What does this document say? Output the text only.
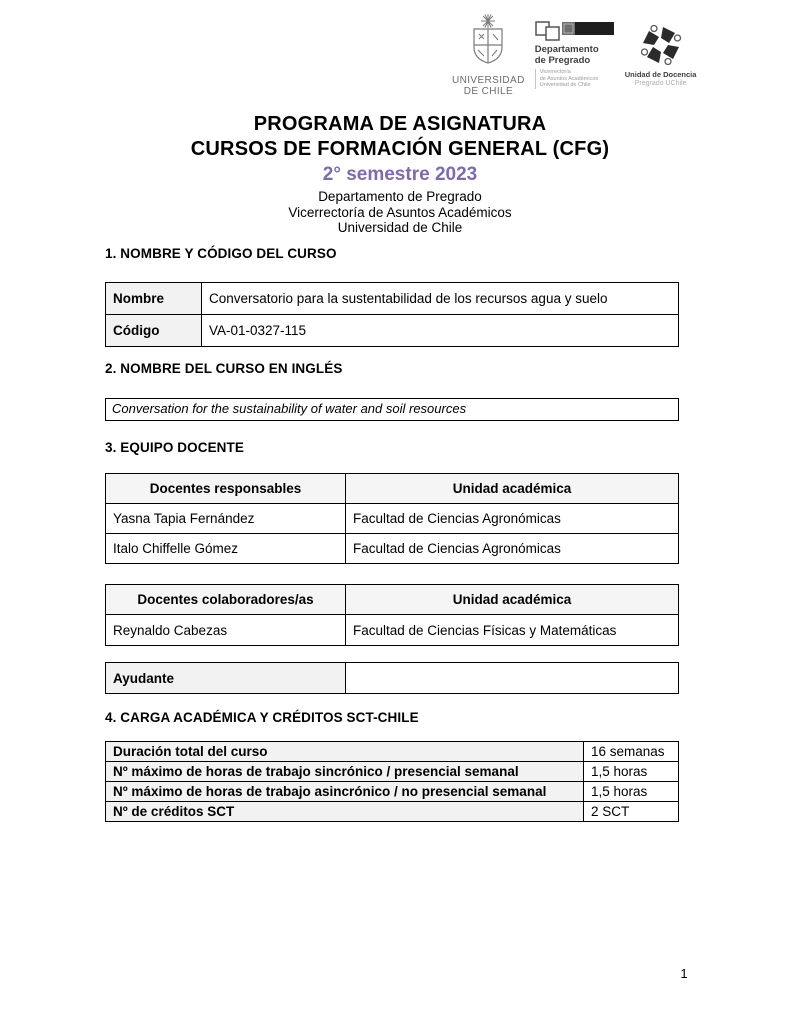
UNIVERSIDAD
DE CHILE
Departamento
de Pregrado
Vicerrectoría
de Asuntos Académicos
Universidad de Chile
Unidad de Docencia
Pregrado UChile
PROGRAMA DE ASIGNATURA
CURSOS DE FORMACIÓN GENERAL (CFG)
2° semestre 2023
Departamento de Pregrado
Vicerrectoría de Asuntos Académicos
Universidad de Chile
1. NOMBRE Y CÓDIGO DEL CURSO
Nombre	Conversatorio para la sustentabilidad de los recursos agua y suelo
Código	VA-01-0327-115
2. NOMBRE DEL CURSO EN INGLÉS
Conversation for the sustainability of water and soil resources
3. EQUIPO DOCENTE
Docentes responsables	Unidad académica
Yasna Tapia Fernández	Facultad de Ciencias Agronómicas
Italo Chiffelle Gómez	Facultad de Ciencias Agronómicas
Docentes colaboradores/as	Unidad académica
Reynaldo Cabezas	Facultad de Ciencias Físicas y Matemáticas
Ayudante	
4. CARGA ACADÉMICA Y CRÉDITOS SCT-CHILE
Duración total del curso	16 semanas
Nº máximo de horas de trabajo sincrónico / presencial semanal	1,5 horas
Nº máximo de horas de trabajo asincrónico / no presencial semanal	1,5 horas
Nº de créditos SCT	2 SCT
1
